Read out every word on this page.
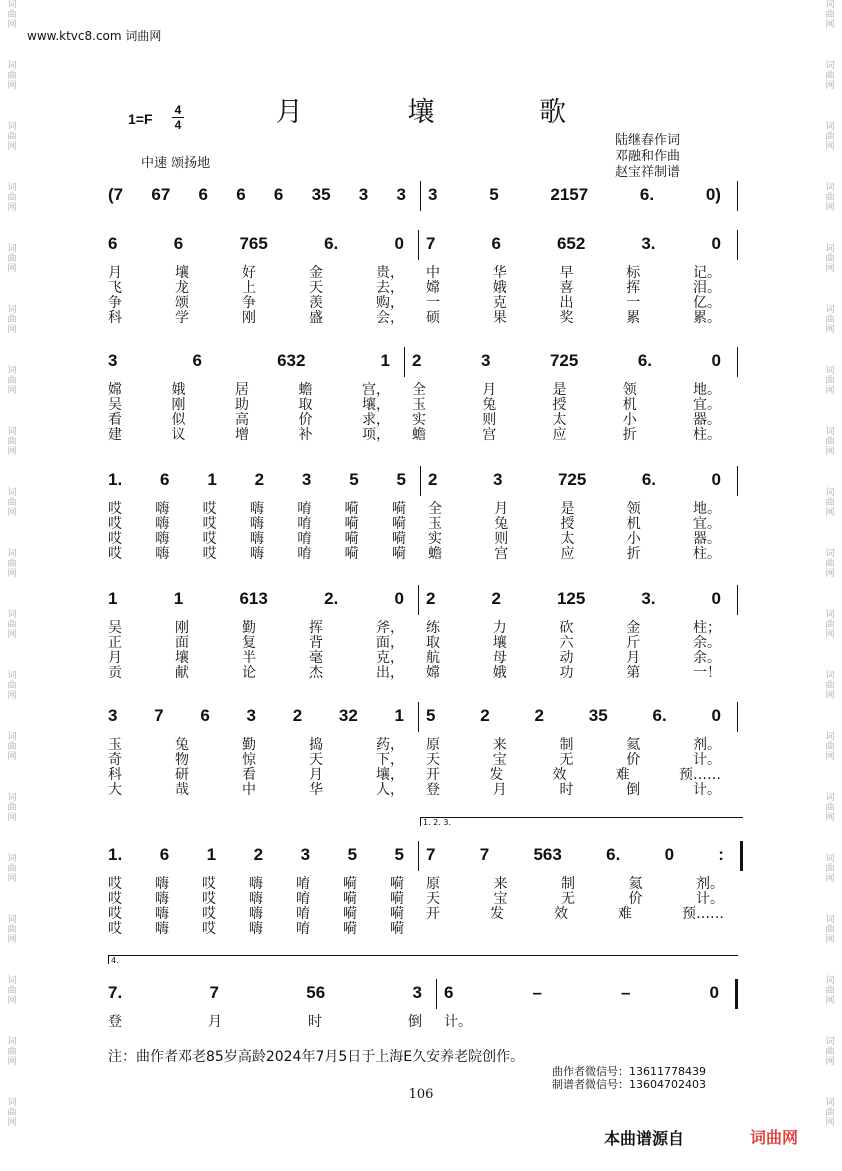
词
曲
网
词
曲
网
词
曲
网
词
曲
网
词
曲
网
词
曲
网
词
曲
网
词
曲
网
词
曲
网
词
曲
网
词
曲
网
词
曲
网
词
曲
网
词
曲
网
词
曲
网
词
曲
网
词
曲
网
词
曲
网
词
曲
网
词
曲
网
词
曲
网
词
曲
网
词
曲
网
词
曲
网
词
曲
网
词
曲
网
词
曲
网
词
曲
网
词
曲
网
词
曲
网
词
曲
网
词
曲
网
词
曲
网
词
曲
网
词
曲
网
词
曲
网
词
曲
网
词
曲
网
www.ktvc8.com 词曲网
月 壤 歌
1=F
4
4
中速 颂扬地
陆继春作词
邓融和作曲
赵宝祥制谱
(7 67 6 6 6 35 3 3 3	5	2157	6.	0)
6	6	765	6.	0 7	6	652	3.	0
月	壤	好	金	贵， 中	华	早	标	记。
飞	龙	上	天	去， 嫦	娥	喜	挥	泪。
争	颂	争	羡	购， 一	克	出	一	亿。
科	学	刚	盛	会， 硕	果	奖	累	累。
3	6	632	1 2	3	725	6.	0
嫦	娥	居	蟾	宫， 全	月	是	领	地。
吴	刚	助	取	壤， 玉	兔	授	机	宜。
看	似	高	价	求， 实	则	太	小	器。
建	议	增	补	项， 蟾	宫	应	折	柱。
1. 6 1 2 3 5 5 2	3	725	6.	0
哎 嗨 哎 嗨 唷 嗬 嗬 全	月	是	领	地。
哎 嗨 哎 嗨 唷 嗬 嗬 玉	兔	授	机	宜。
哎 嗨 哎 嗨 唷 嗬 嗬 实	则	太	小	器。
哎 嗨 哎 嗨 唷 嗬 嗬 蟾	宫	应	折	柱。
1	1	613	2.	0 2	2	125	3.	0
吴	刚	勤	挥	斧， 练	力	砍	金	柱；
正	面	复	背	面， 取	壤	六	斤	余。
月	壤	半	毫	克， 航	母	动	月	余。
贡	献	论	杰	出， 嫦	娥	功	第	一！
3 7 6 3 2 32 1 5	2	2	35	6.	0
玉	兔	勤	捣	药， 原	来	制	氦	剂。
奇	物	惊	天	下， 天	宝	无	价	计。
科	研	看	月	壤， 开	发	效	难	预……
大	哉	中	华	人， 登	月	时	倒	计。
1. 6 1 2 3 5 5 7	7	563	6.	0	:
1. 2. 3.
哎 嗨 哎 嗨 唷 嗬 嗬 原	来	制	氦	剂。
哎 嗨 哎 嗨 唷 嗬 嗬 天	宝	无	价	计。
哎 嗨 哎 嗨 唷 嗬 嗬 开	发	效	难	预……
哎 嗨 哎 嗨 唷 嗬 嗬
7.	7	56	3 6	–	–	0
4.
登	月	时	倒 计。
注：曲作者邓老85岁高龄2024年7月5日于上海E久安养老院创作。
曲作者微信号：13611778439
制谱者微信号：13604702403
106
本曲谱源自	词曲网
